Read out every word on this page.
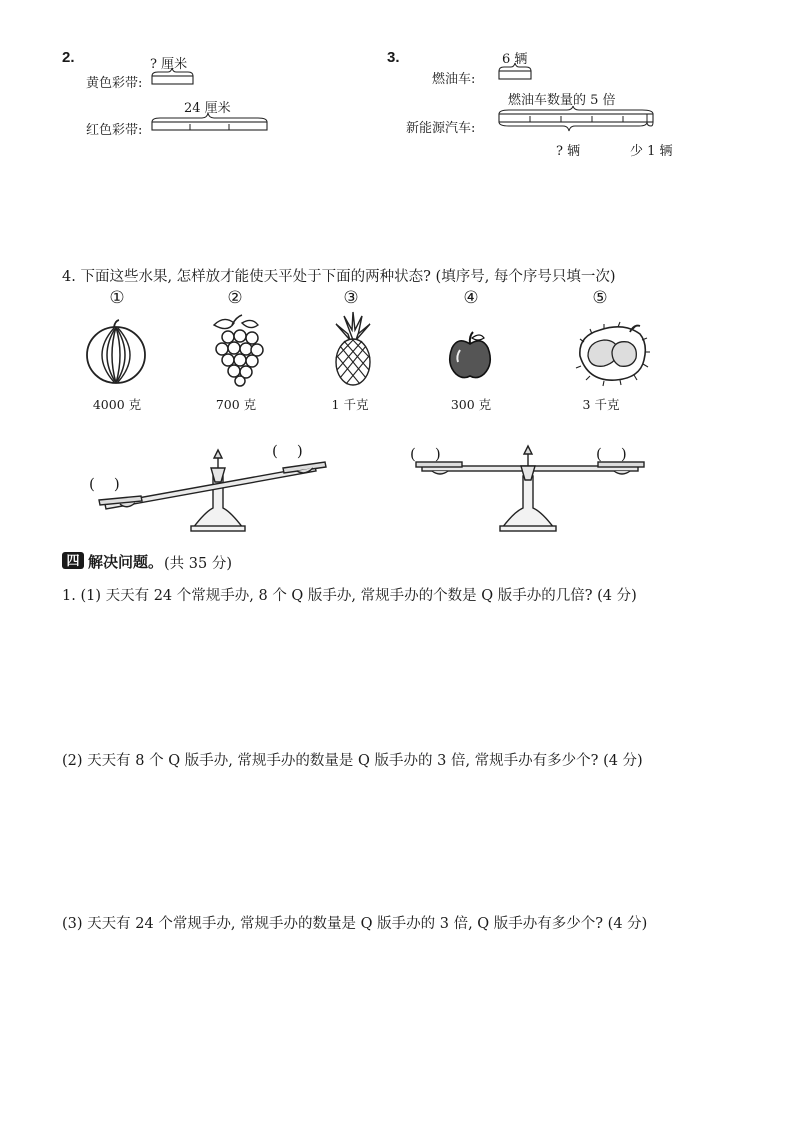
2.	? 厘米
黄色彩带:
24 厘米
红色彩带:
3.	6 辆
燃油车:
燃油车数量的 5 倍
新能源汽车:
? 辆	少 1 辆
4. 下面这些水果, 怎样放才能使天平处于下面的两种状态? (填序号, 每个序号只填一次)
①	②	③	④	⑤
4000 克	700 克	1 千克	300 克	3 千克
(    )
(    )	(    )	(    )
四 解决问题。 (共 35 分)
1. (1) 天天有 24 个常规手办, 8 个 Q 版手办, 常规手办的个数是 Q 版手办的几倍? (4 分)
(2) 天天有 8 个 Q 版手办, 常规手办的数量是 Q 版手办的 3 倍, 常规手办有多少个? (4 分)
(3) 天天有 24 个常规手办, 常规手办的数量是 Q 版手办的 3 倍, Q 版手办有多少个? (4 分)
